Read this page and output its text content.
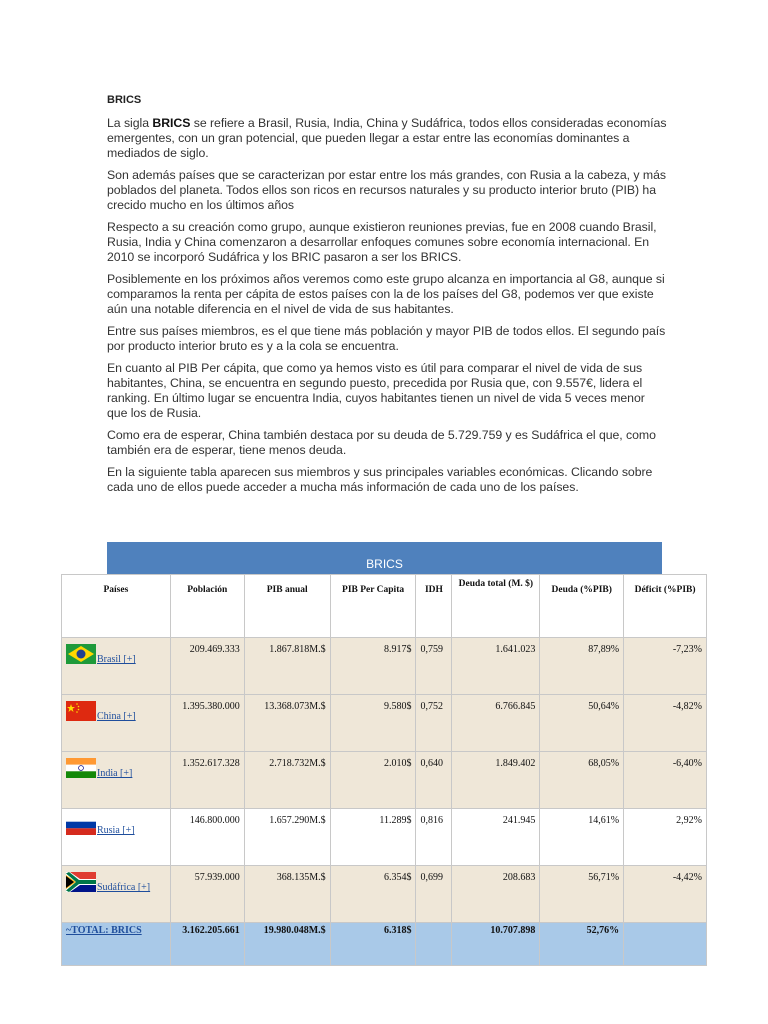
BRICS

La sigla BRICS se refiere a Brasil, Rusia, India, China y Sudáfrica, todos ellos consideradas economías emergentes, con un gran potencial, que pueden llegar a estar entre las economías dominantes a mediados de siglo.

Son además países que se caracterizan por estar entre los más grandes, con Rusia a la cabeza, y más poblados del planeta. Todos ellos son ricos en recursos naturales y su producto interior bruto (PIB) ha crecido mucho en los últimos años

Respecto a su creación como grupo, aunque existieron reuniones previas, fue en 2008 cuando Brasil, Rusia, India y China comenzaron a desarrollar enfoques comunes sobre economía internacional. En 2010 se incorporó Sudáfrica y los BRIC pasaron a ser los BRICS.

Posiblemente en los próximos años veremos como este grupo alcanza en importancia al G8, aunque si comparamos la renta per cápita de estos países con la de los países del G8, podemos ver que existe aún una notable diferencia en el nivel de vida de sus habitantes.

Entre sus países miembros, es el que tiene más población y mayor PIB de todos ellos. El segundo país por producto interior bruto es y a la cola se encuentra.

En cuanto al PIB Per cápita, que como ya hemos visto es útil para comparar el nivel de vida de sus habitantes, China, se encuentra en segundo puesto, precedida por Rusia que, con 9.557€, lidera el ranking. En último lugar se encuentra India, cuyos habitantes tienen un nivel de vida 5 veces menor que los de Rusia.

Como era de esperar, China también destaca por su deuda de 5.729.759 y es Sudáfrica el que, como también era de esperar, tiene menos deuda.

En la siguiente tabla aparecen sus miembros y sus principales variables económicas. Clicando sobre cada uno de ellos puede acceder a mucha más información de cada uno de los países.

BRICS
Países	Población	PIB anual	PIB Per Capita	IDH	Deuda total (M. $)	Deuda (%PIB)	Déficit (%PIB)
Brasil [+]	209.469.333	1.867.818M.$	8.917$	0,759	1.641.023	87,89%	-7,23%
China [+]	1.395.380.000	13.368.073M.$	9.580$	0,752	6.766.845	50,64%	-4,82%
India [+]	1.352.617.328	2.718.732M.$	2.010$	0,640	1.849.402	68,05%	-6,40%
Rusia [+]	146.800.000	1.657.290M.$	11.289$	0,816	241.945	14,61%	2,92%
Sudáfrica [+]	57.939.000	368.135M.$	6.354$	0,699	208.683	56,71%	-4,42%
~TOTAL: BRICS	3.162.205.661	19.980.048M.$	6.318$		10.707.898	52,76%	
